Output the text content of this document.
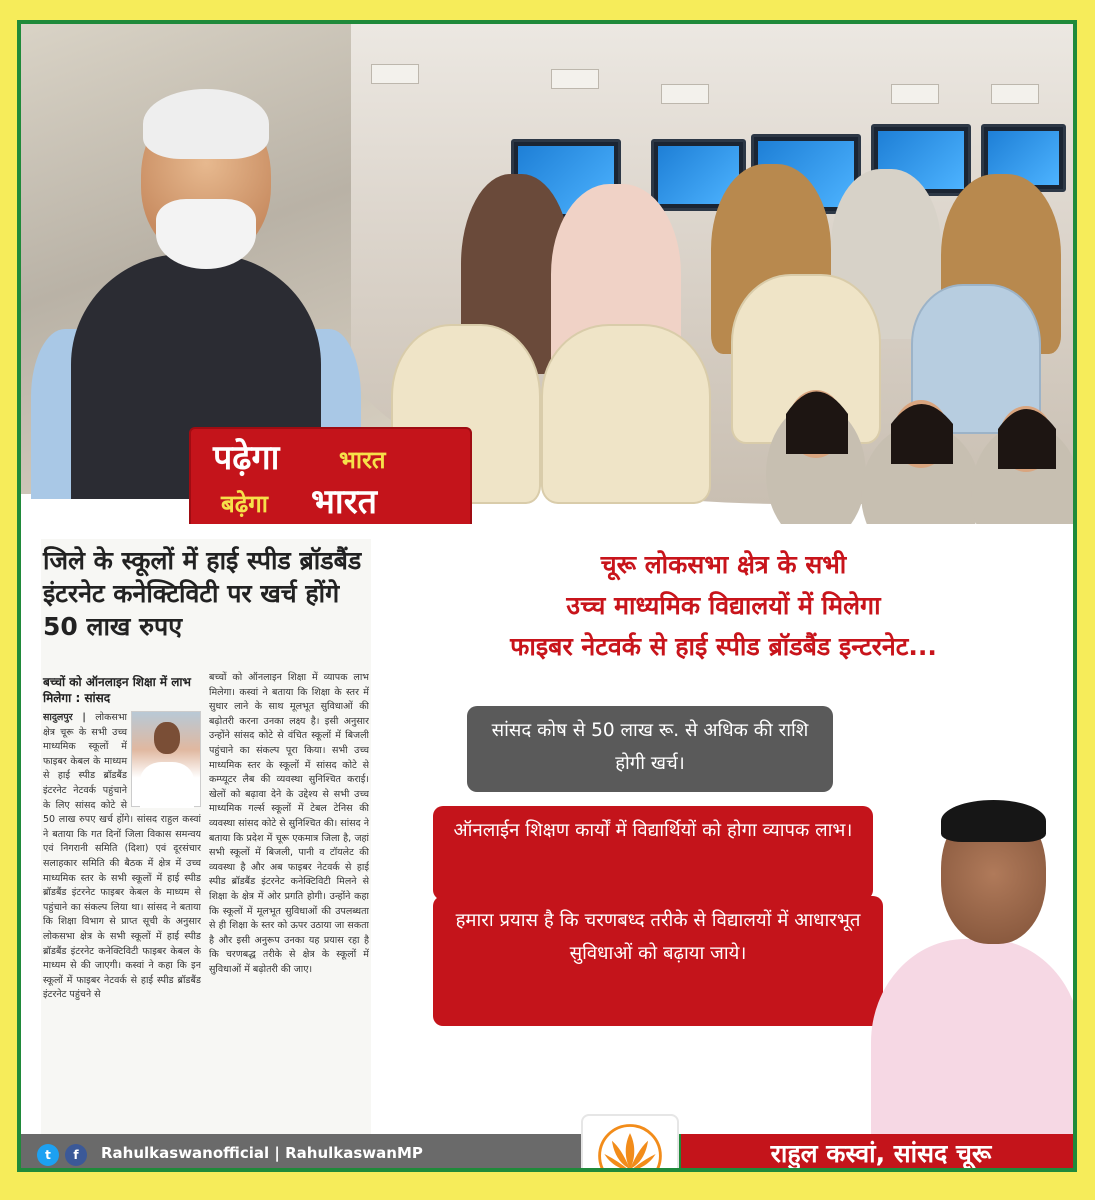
पढ़ेगा भारत
बढ़ेगा भारत
जिले के स्कूलों में हाई स्पीड ब्रॉडबैंड इंटरनेट कनेक्टिविटी पर खर्च होंगे 50 लाख रुपए
बच्चों को ऑनलाइन शिक्षा में लाभ मिलेगा : सांसद
सादुलपुर | लोकसभा क्षेत्र चूरू के सभी उच्च माध्यमिक स्कूलों में फाइबर केबल के माध्यम से हाई स्पीड ब्रॉडबैंड इंटरनेट नेटवर्क पहुंचाने के लिए सांसद कोटे से 50 लाख रुपए खर्च होंगे। सांसद राहुल कस्वां ने बताया कि गत दिनों जिला विकास समन्वय एवं निगरानी समिति (दिशा) एवं दूरसंचार सलाहकार समिति की बैठक में क्षेत्र में उच्च माध्यमिक स्तर के सभी स्कूलों में हाई स्पीड ब्रॉडबैंड इंटरनेट फाइबर केबल के माध्यम से पहुंचाने का संकल्प लिया था। सांसद ने बताया कि शिक्षा विभाग से प्राप्त सूची के अनुसार लोकसभा क्षेत्र के सभी स्कूलों में हाई स्पीड ब्रॉडबैंड इंटरनेट कनेक्टिविटी फाइबर केबल के माध्यम से की जाएगी। कस्वां ने कहा कि इन स्कूलों में फाइबर नेटवर्क से हाई स्पीड ब्रॉडबैंड इंटरनेट पहुंचने से
बच्चों को ऑनलाइन शिक्षा में व्यापक लाभ मिलेगा। कस्वां ने बताया कि शिक्षा के स्तर में सुधार लाने के साथ मूलभूत सुविधाओं की बढ़ोतरी करना उनका लक्ष्य है। इसी अनुसार उन्होंने सांसद कोटे से वंचित स्कूलों में बिजली पहुंचाने का संकल्प पूरा किया। सभी उच्च माध्यमिक स्तर के स्कूलों में सांसद कोटे से कम्प्यूटर लैब की व्यवस्था सुनिश्चित कराई। खेलों को बढ़ावा देने के उद्देश्य से सभी उच्च माध्यमिक गर्ल्स स्कूलों में टेबल टेनिस की व्यवस्था सांसद कोटे से सुनिश्चित की। सांसद ने बताया कि प्रदेश में चूरू एकमात्र जिला है, जहां सभी स्कूलों में बिजली, पानी व टॉयलेट की व्यवस्था है और अब फाइबर नेटवर्क से हाई स्पीड ब्रॉडबैंड इंटरनेट कनेक्टिविटी मिलने से शिक्षा के क्षेत्र में ओर प्रगति होगी। उन्होंने कहा कि स्कूलों में मूलभूत सुविधाओं की उपलब्धता से ही शिक्षा के स्तर को ऊपर उठाया जा सकता है और इसी अनुरूप उनका यह प्रयास रहा है कि चरणबद्ध तरीके से क्षेत्र के स्कूलों में सुविधाओं में बढ़ोतरी की जाए।
चूरू लोकसभा क्षेत्र के सभी
उच्च माध्यमिक विद्यालयों में मिलेगा
फाइबर नेटवर्क से हाई स्पीड ब्रॉडबैंड इन्टरनेट...
सांसद कोष से 50 लाख रू. से अधिक की राशि होगी खर्च।
ऑनलाईन शिक्षण कार्यों में विद्यार्थियों को होगा व्यापक लाभ।
हमारा प्रयास है कि चरणबध्द तरीके से विद्यालयों में आधारभूत सुविधाओं को बढ़ाया जाये।
t	f	Rahulkaswanofficial | RahulkaswanMP	राहुल कस्वां, सांसद चूरू
